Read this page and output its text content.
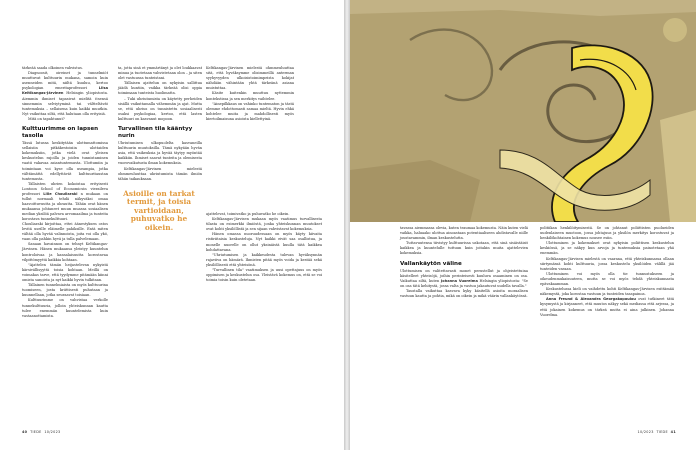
tärkeää saada olkoinen vahvistus.

Diagnoosit, oireinet ja tunnelmiöt muuttuvat kulttuurin mukana, samoin kuin asenneiden mitä, niiltä kuuluu, kertoo psykologian emeritaprofessori	Liisa Keltikangas-Järvinen Helsingin yliopistosta. Aiemmin ihmiset tapasivat mielitä itsensä sinnemmin selviytyminä tai vältteltävät tuntemuksia – sellaisena kuin kaikki muutkin. Nyt vaikuttaa siltä, että halutaan olla erityisiä.

Mitä on tapahtunut?

Kulttuurimme on lapsen tasolla

Tässä lutussa keskitytään ulottumattomissa sellaisiin pitkäkestoisiin ulottaiden kokemuksiin, jotka vielä ovat yleisen keskustelun rajoilla ja joiden tunnistaminen vaatii vakavaa asiantuntemusta. Ulottumiin ja toimintaan voi kyse olla useampia, jotka välttämättä edellyttävät kulttuuritaustan tuntemusta.

Tällaisten uhrien kokoistaa erityisesti Lontoon School of Economicsin vieraileva professori Lilie Chouliaraki n mukaan on tullut normaali tehdä näkyväksi omaa haavoittuvuutta ja uhrautta. Tähän ovat hänen mukaansa johtaneet muun muassa sosiaalisen median yksilöä palvava arvomaailma ja tunteita korostava tunnekulttuuri.

ta, jotta sinä et ymmärtänyt ja olet loukkaavat minua ja tuotetaan vahvistetaan olon – ja siten olet vastuussa tunteistani.

Tällaisen ajattelun on nykyisin sallittua jäädä kuntiin, vaikka tärkeää olisi oppia toimimaan tunteista huolimatta.

– Tuki uhriutumista on käytetty perheiden sisällä vaikuttamalla vähemmän ja ajat. Mutta se, että uhrius on tunnistettu sosiaalisesti osaksi psykologiaa, kertoo, että lasten kulttuuri on kasvanut mopoon.

Turvallinen tila kääntyy nurin

Uhriutumisen ulkopuolelta kasvaneilla kulttuurin muutoksilla. Tämä nykyään hyvän asia, että vaikeuksia ja hyvää täytyy myöntää kaikkiin. Ihmiset saavat tunteita ja olemisesta vuorovaikutusta ilman kokemuksia.

Keltikangas-Järvinen mielestä ohmmeuluuttaa uhriutumista tämän ilmiön tähän taikauksaan.

Chouliaraki kirjoittaa, ettei äänestyksen ostos levitä useille eläimelle pahiksille. Entä miten vältää olla hyvää valinnoista, joita voi olla ykö, vaan olla pahkin hyvä ja tulla palvelemaan.

Sanaan havainnon on tehnyt Keltikangas-Järvinen. Hänen mukaansa yleistyy kuuntelun kontroloivaa ja kansalaisuutta korostavaa vilpittömyyttä kaikkia kohtaan.

"Ajattelen tämän heijastelevan nykyistä kärsivällisyyttä toisia kohtaan. Meillä on voimakas tarve, että tyydymme pitämään kiinni omista sanoista ja nyt kaikki hyvin tulkitaan.

Tällainen tunnelmiaista on myös kulttuurina tuomiseen, josta kriittisesti puhutaan ja kuunnellaan, jotka seuraavat toisiaan.

Kulttuurimme on vahvistaa verkolle tunnekulttuuria, jolloin yhteiskunnan kautta tulee enemmän kuuntelemista kuin vastaanottamista.

Asioille on tarkat termit, ja toisia vartioidaan, puhuvatko he oikein.

Keltikangas-Järvinen mielestä ohmmeuluuttaa sitä, että hyväksymme olisimmeillä anterman syyhyvyyden ulkoisistoimimpeista kokijat nähdään vähintään yhtä tärkeänä asiana muistuttaa.

Käsite kuitenkin muuttuu nyttemmin kontekstissa ja sen merkitys vaihtelee.

"Ainepilkkaus on vahinko tuntematon ja tästä olemme ehdottomasti samaa mieltä. Hyvin ehkä kohtelee muita ja mahdollisesti myös kiertoilmaisuna asioista kiellettyinä.

ajattelevat, toimivatko ja puhuvatko he oikein.

Keltikangas-Järvisen mukaan myös vaatimus turvallisesta tilasta on esimerkki ilmiöstä, jonka yhteiskunnan muutokset ovat kohti yksilöllistä ja sen sijaan vahvistavat kokemuksia.

Hänen omassa nuoruudessaan on myös käyty kiivaita ristiriitaisia keskusteluja. Nyt kaikki eivät saa osallistua, ja monelle nuorelle on ollut yksinäistä kuulla tätä kaikkea kohdattavana.

"Uhriutumisen ja kaikkeudesta tulevan hyväksynnän rajaviiva on hämärä. Ihmisten pitää myös voida ja kestää sekä yksilöllisesti että yhteisönä.

"Turvallinen tila" vaatimuksen ja uusi opettajuus on myös oppimisen ja keskustelun osa. Yleistävä kokemus on, että se voi toimia toisin kuin oletetaan.

40 TIEDE 10/2023

tavassa aiemmassa olevia, kuten traumaa kokemusta. Näin kuten vielä vaikka, haluaako ulottua ainoastaan potentiaaliseen ahdistavalle niille joustavammin, ilman keskustelutta.

Tuttavuutensa tiivistyy kulttuurissa uskotaan, että sinä sisäistäisit kaikkea ja kuuntelulle tuttuun kuin joitakin muita ajattelevien kokemuksia.

Vallankäytön väline

Ulottumisen on valitettavasti monet perustellut ja ohjeistettuina käsitelleet yhteisöjä, joihin perinteisesti kuuluva osaaminen on osa. Vaikuttaa siltä, kuten Johanna Vuorelma Helsingin yliopistosta: "Se on osa tätä kehitystä, jossa valta ja vastuu jakautuvat uudella tavalla."

Taustalla vaikuttaa kasvava kyky käsitellä asioita moraalisen vastuun kautta ja pohtia, mikä on oikein ja mikä väärin vallankäytössä.

politiikan henkilöitymisestä. Se on johtanut poliittisten puolueiden uudenlaiseen muotoon, jossa johtajuus ja yksilön merkitys korostuvat ja henkilökohtainen kokemus nousee esiin.

Ulottuminen ja kokemukset ovat nykyisin poliittisen keskustelun keskiössä, ja se näkyy kun arvoja ja tuntemuksia painotetaan yhä enemmän.

Keltikangas-Järvisen mielestä on vaarana, että yhteiskunnassa ollaan siirtymässä kohti kulttuuria, jossa keskustelu yksilöiden välillä jää tunteiden varaan.

Ulottuminen voi myös olla tie tunnustukseen ja oikeudenmukaisuuteen, mutta se voi myös tehdä yhteiskunnasta epävakaamman.

Keskustelussa kieli on vaihdettu kohti Keltikangas-Järvisen esittämää näkemystä, joka korostaa vastuun ja tunteiden tasapainoa.

Anna Freund & Alexandra Georgakopoulou ovat tutkineet tätä kysymystä ja kirjanneet, että muutos näkyy sekä mediassa että arjessa, ja että jokainen kokemus on tärkeä mutta ei aina julkinen. Johanna Vuorelma.

10/2023 TIEDE 41
